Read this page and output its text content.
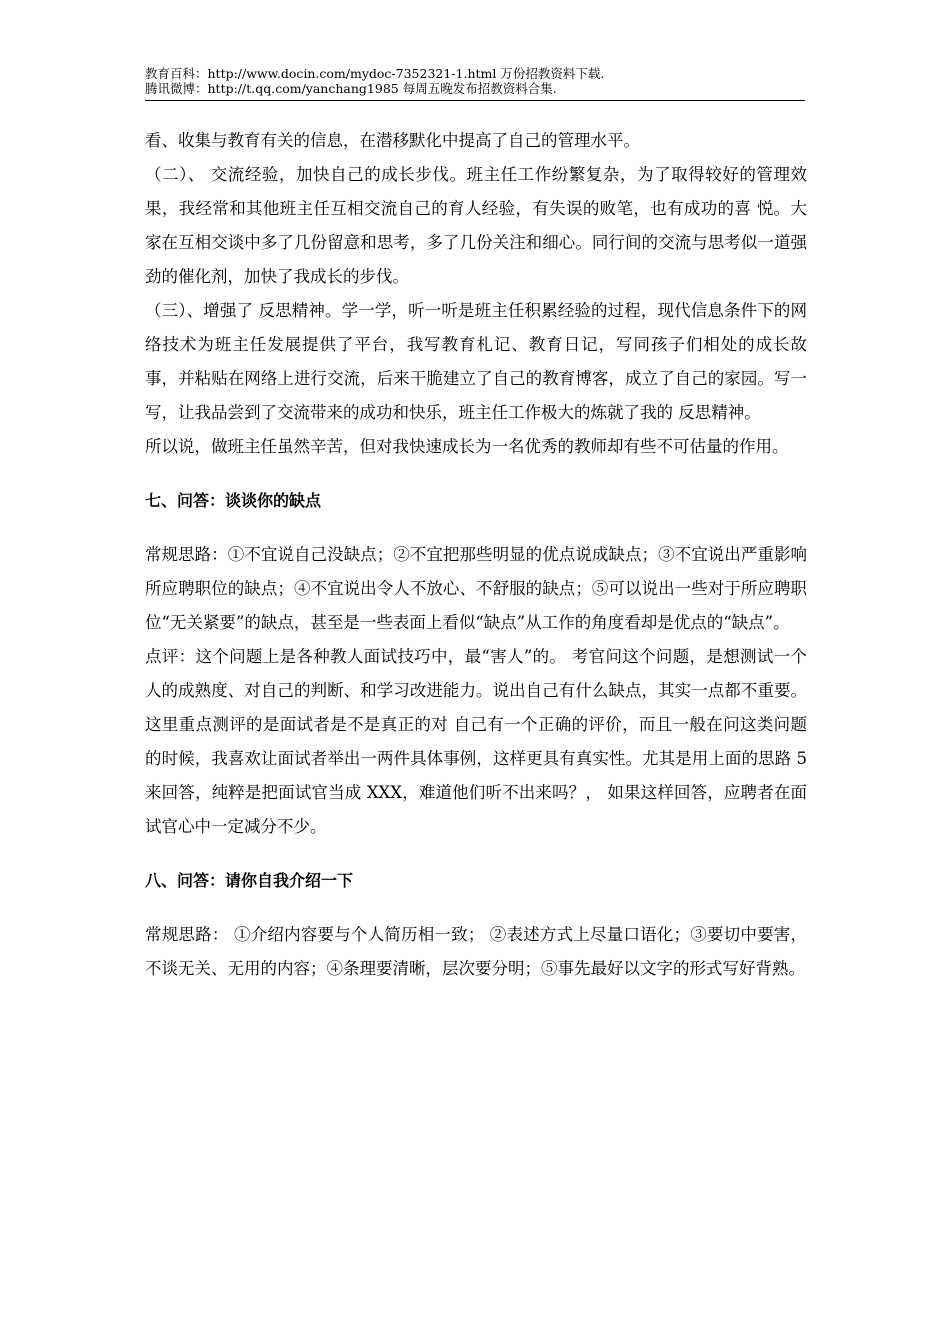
教育百科：http://www.docin.com/mydoc-7352321-1.html 万份招教资料下载.
腾讯微博：http://t.qq.com/yanchang1985 每周五晚发布招教资料合集.

看、收集与教育有关的信息，在潜移默化中提高了自己的管理水平。

（二）、 交流经验，加快自己的成长步伐。班主任工作纷繁复杂，为了取得较好的管理效果，我经常和其他班主任互相交流自己的育人经验，有失误的败笔，也有成功的喜 悦。大家在互相交谈中多了几份留意和思考，多了几份关注和细心。同行间的交流与思考似一道强劲的催化剂，加快了我成长的步伐。

（三）、增强了 反思精神。学一学，听一听是班主任积累经验的过程，现代信息条件下的网络技术为班主任发展提供了平台，我写教育札记、教育日记，写同孩子们相处的成长故 事，并粘贴在网络上进行交流，后来干脆建立了自己的教育博客，成立了自己的家园。写一写，让我品尝到了交流带来的成功和快乐，班主任工作极大的炼就了我的 反思精神。

所以说，做班主任虽然辛苦，但对我快速成长为一名优秀的教师却有些不可估量的作用。

七、问答：谈谈你的缺点

常规思路：①不宜说自己没缺点；②不宜把那些明显的优点说成缺点；③不宜说出严重影响所应聘职位的缺点；④不宜说出令人不放心、不舒服的缺点；⑤可以说出一些对于所应聘职位“无关紧要”的缺点，甚至是一些表面上看似“缺点”从工作的角度看却是优点的“缺点”。

点评：这个问题上是各种教人面试技巧中，最“害人”的。 考官问这个问题，是想测试一个人的成熟度、对自己的判断、和学习改进能力。说出自己有什么缺点，其实一点都不重要。这里重点测评的是面试者是不是真正的对 自己有一个正确的评价，而且一般在问这类问题的时候，我喜欢让面试者举出一两件具体事例，这样更具有真实性。尤其是用上面的思路 5 来回答，纯粹是把面试官当成 XXX，难道他们听不出来吗？， 如果这样回答，应聘者在面试官心中一定减分不少。

八、问答：请你自我介绍一下

常规思路： ①介绍内容要与个人简历相一致； ②表述方式上尽量口语化；③要切中要害，不谈无关、无用的内容；④条理要清晰，层次要分明；⑤事先最好以文字的形式写好背熟。
